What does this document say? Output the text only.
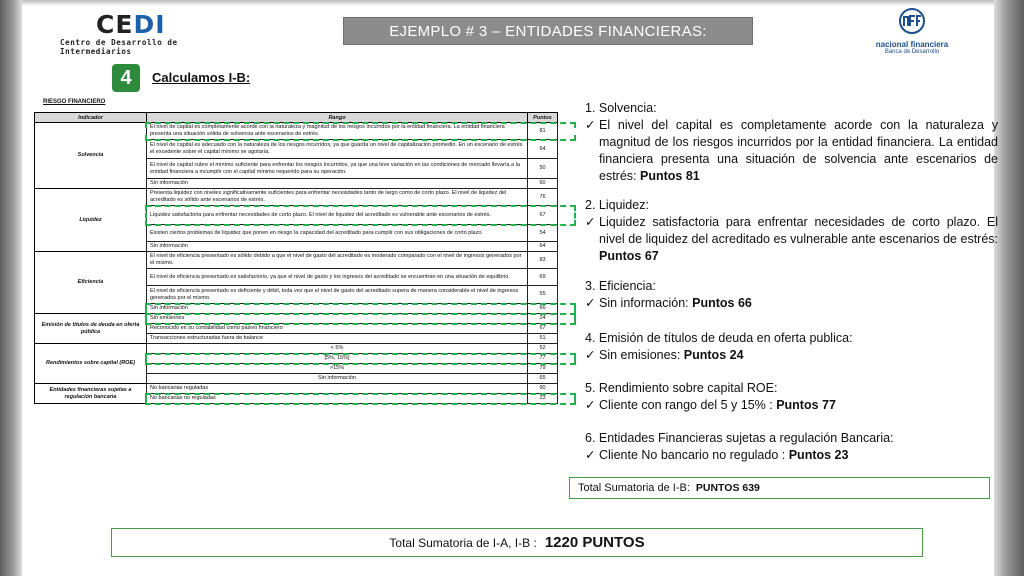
CEDI
Centro de Desarrollo de Intermediarios
EJEMPLO # 3 – ENTIDADES FINANCIERAS:
nacional financiera
Banca de Desarrollo
4	Calculamos I-B:
RIESGO FINANCIERO
Indicador	Rango	Puntos
Solvencia	El nivel de capital es completamente acorde con la naturaleza y magnitud de los riesgos incurridos por la entidad financiera. La entidad financiera presenta una situación sólida de solvencia ante escenarios de estrés.	81
	El nivel de capital es adecuado con la naturaleza de los riesgos incurridos, ya que guarda un nivel de capitalización promedio. En un escenario de estrés el excedente sobre el capital mínimo se agotaría.	64
	El nivel de capital cubre el mínimo suficiente para enfrentar los riesgos incurridos, ya que una leve variación en las condiciones de mercado llevaría a la entidad financiera a incumplir con el capital mínimo requerido para su operación.	50
	Sin información	60
Liquidez	Presenta liquidez con niveles significativamente suficientes para enfrentar necesidades tanto de largo como de corto plazo. El nivel de liquidez del acreditado es sólido ante escenarios de estrés.	76
	Liquidez satisfactoria para enfrentar necesidades de corto plazo. El nivel de liquidez del acreditado es vulnerable ante escenarios de estrés.	67
	Existen ciertos problemas de liquidez que ponen en riesgo la capacidad del acreditado para cumplir con sus obligaciones de corto plazo.	54
	Sin información	64
Eficiencia	El nivel de eficiencia presentado es sólido debido a que el nivel de gasto del acreditado es moderado comparado con el nivel de ingresos generados por el mismo.	83
	El nivel de eficiencia presentado es satisfactorio, ya que el nivel de gasto y los ingresos del acreditado se encuentran en una situación de equilibrio.	69
	El nivel de eficiencia presentado es deficiente y débil, toda vez que el nivel de gasto del acreditado supera de manera considerable el nivel de ingresos generados por el mismo.	55
	Sin información	66
Emisión de títulos de deuda en oferta pública	Sin emisiones	24
	Reconocido en su contabilidad como pasivo financiero	67
	Transacciones estructuradas fuera de balance	51
Rendimientos sobre capital (ROE)	< 5%	52
	[5%, 15%]	77
	>15%	79
	Sin información	65
Entidades financieras sujetas a regulación bancaria	No bancarias reguladas	90
	No bancarias no reguladas	23
1. Solvencia:
✓ El nivel del capital es completamente acorde con la naturaleza y magnitud de los riesgos incurridos por la entidad financiera. La entidad financiera presenta una situación de solvencia ante escenarios de estrés: Puntos 81
2. Liquidez:
✓ Liquidez satisfactoria para enfrentar necesidades de corto plazo. El nivel de liquidez del acreditado es vulnerable ante escenarios de estrés: Puntos 67
3. Eficiencia:
✓ Sin información: Puntos 66
4. Emisión de títulos de deuda en oferta publica:
✓ Sin emisiones: Puntos 24
5. Rendimiento sobre capital ROE:
✓ Cliente con rango del 5 y 15% : Puntos 77
6. Entidades Financieras sujetas a regulación Bancaria:
✓ Cliente No bancario no regulado : Puntos 23
Total Sumatoria de I-B: PUNTOS 639
Total Sumatoria de I-A, I-B : 1220 PUNTOS
